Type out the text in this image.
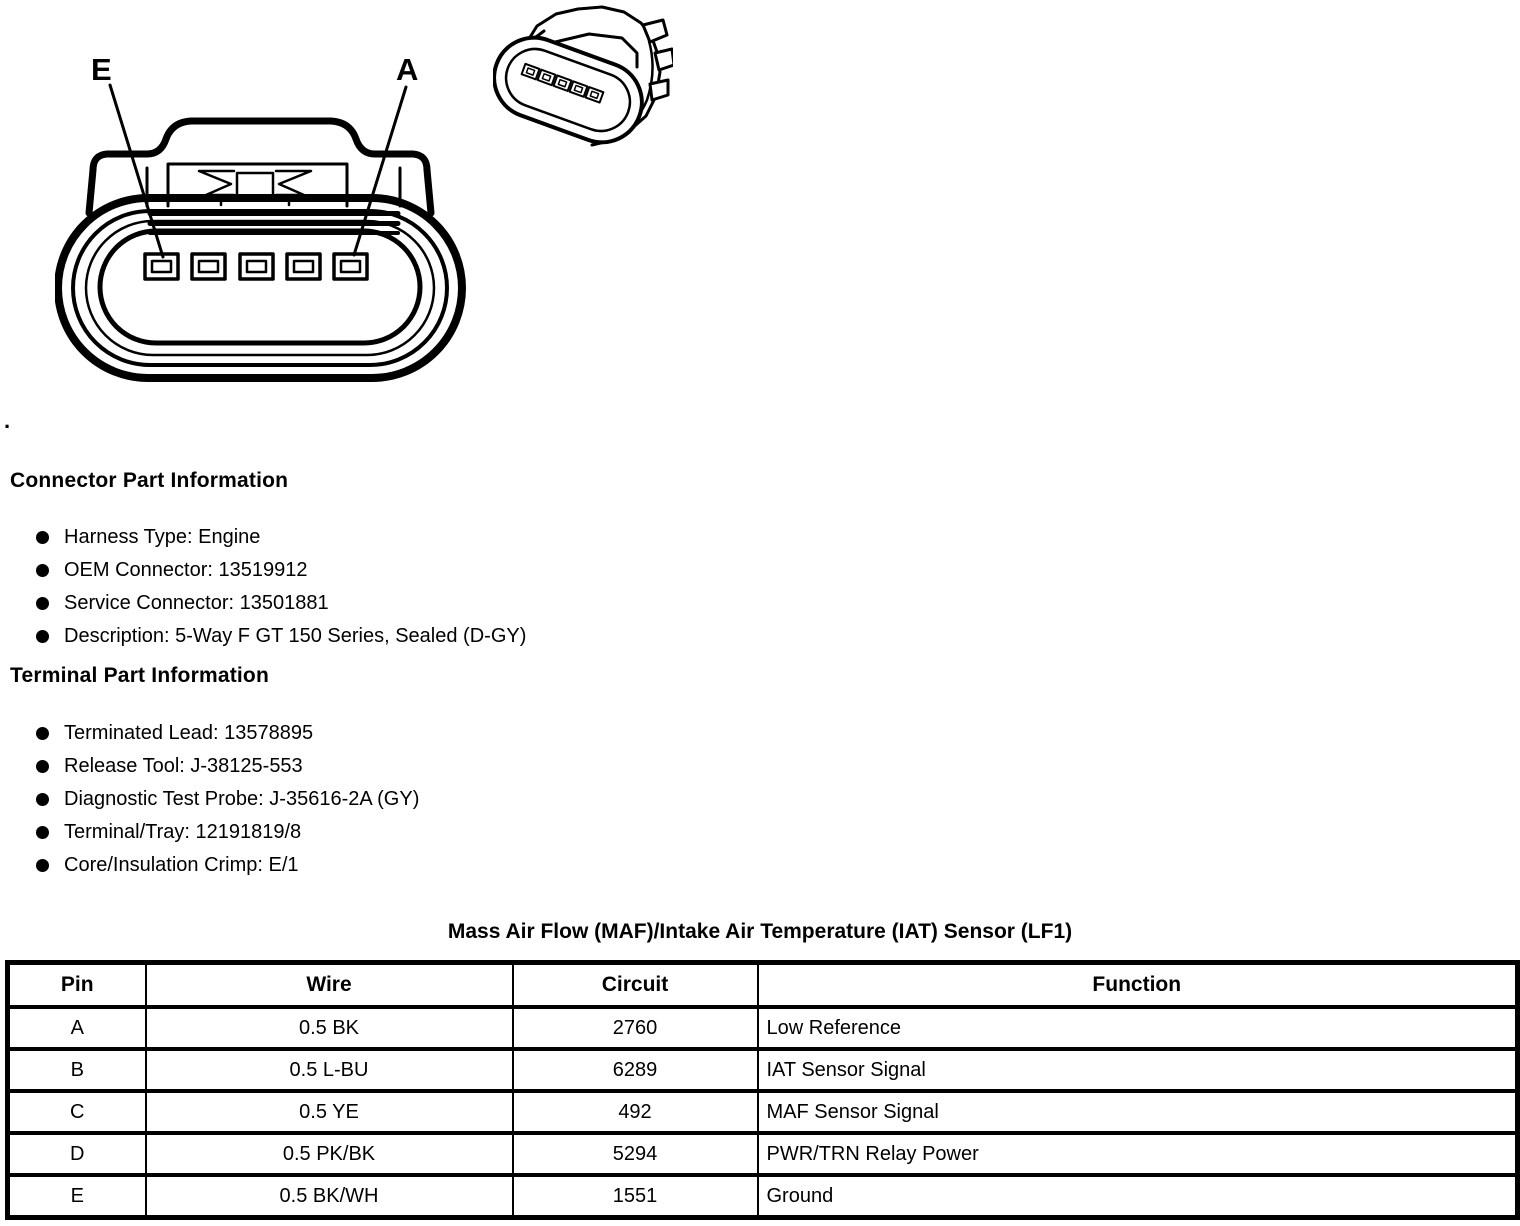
E	A
.
Connector Part Information
Harness Type: Engine
OEM Connector: 13519912
Service Connector: 13501881
Description: 5-Way F GT 150 Series, Sealed (D-GY)
Terminal Part Information
Terminated Lead: 13578895
Release Tool: J-38125-553
Diagnostic Test Probe: J-35616-2A (GY)
Terminal/Tray: 12191819/8
Core/Insulation Crimp: E/1
Mass Air Flow (MAF)/Intake Air Temperature (IAT) Sensor (LF1)
Pin	Wire	Circuit	Function
A	0.5 BK	2760	Low Reference
B	0.5 L-BU	6289	IAT Sensor Signal
C	0.5 YE	492	MAF Sensor Signal
D	0.5 PK/BK	5294	PWR/TRN Relay Power
E	0.5 BK/WH	1551	Ground
